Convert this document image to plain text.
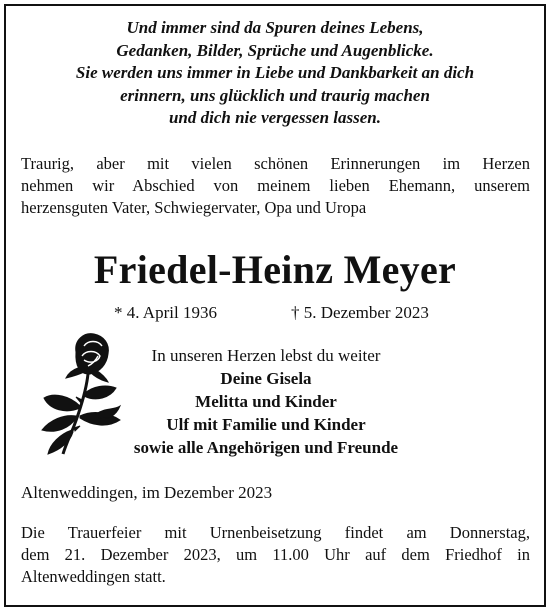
Und immer sind da Spuren deines Lebens,
Gedanken, Bilder, Sprüche und Augenblicke.
Sie werden uns immer in Liebe und Dankbarkeit an dich
erinnern, uns glücklich und traurig machen
und dich nie vergessen lassen.
Traurig, aber mit vielen schönen Erinnerungen im Herzen
nehmen wir Abschied von meinem lieben Ehemann, unserem
herzensguten Vater, Schwiegervater, Opa und Uropa
Friedel-Heinz Meyer
* 4. April 1936	† 5. Dezember 2023
In unseren Herzen lebst du weiter
Deine Gisela
Melitta und Kinder
Ulf mit Familie und Kinder
sowie alle Angehörigen und Freunde
Altenweddingen, im Dezember 2023
Die Trauerfeier mit Urnenbeisetzung findet am Donnerstag,
dem 21. Dezember 2023, um 11.00 Uhr auf dem Friedhof in
Altenweddingen statt.
